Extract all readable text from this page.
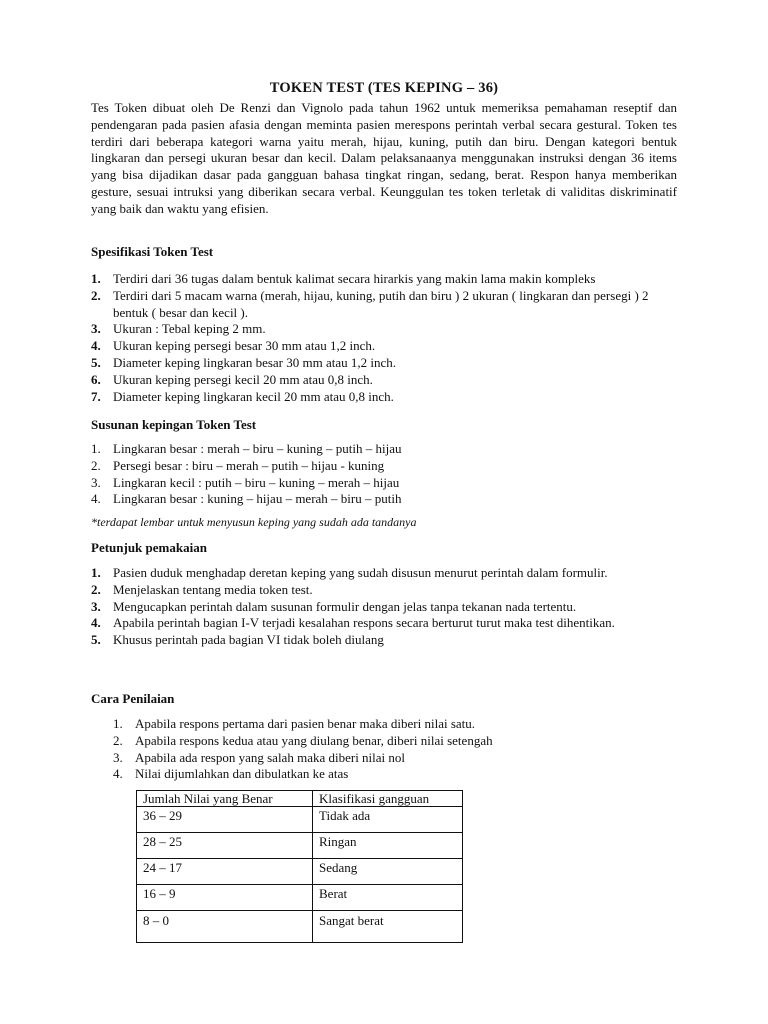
TOKEN TEST (TES KEPING – 36)

Tes Token dibuat oleh De Renzi dan Vignolo pada tahun 1962 untuk memeriksa pemahaman reseptif dan pendengaran pada pasien afasia dengan meminta pasien merespons perintah verbal secara gestural. Token tes terdiri dari beberapa kategori warna yaitu merah, hijau, kuning, putih dan biru. Dengan kategori bentuk lingkaran dan persegi ukuran besar dan kecil. Dalam pelaksanaanya menggunakan instruksi dengan 36 items yang bisa dijadikan dasar pada gangguan bahasa tingkat ringan, sedang, berat. Respon hanya memberikan gesture, sesuai intruksi yang diberikan secara verbal. Keunggulan tes token terletak di validitas diskriminatif yang baik dan waktu yang efisien.

Spesifikasi Token Test

1. Terdiri dari 36 tugas dalam bentuk kalimat secara hirarkis yang makin lama makin kompleks
2. Terdiri dari 5 macam warna (merah, hijau, kuning, putih dan biru ) 2 ukuran ( lingkaran dan persegi ) 2 bentuk ( besar dan kecil ).
3. Ukuran : Tebal keping 2 mm.
4. Ukuran keping persegi besar 30 mm atau 1,2 inch.
5. Diameter keping lingkaran besar 30 mm atau 1,2 inch.
6. Ukuran keping persegi kecil 20 mm atau 0,8 inch.
7. Diameter keping lingkaran kecil 20 mm atau 0,8 inch.

Susunan kepingan Token Test

1. Lingkaran besar : merah – biru – kuning – putih – hijau
2. Persegi besar : biru – merah – putih – hijau - kuning
3. Lingkaran kecil : putih – biru – kuning – merah – hijau
4. Lingkaran besar : kuning – hijau – merah – biru – putih

*terdapat lembar untuk menyusun keping yang sudah ada tandanya

Petunjuk pemakaian

1. Pasien duduk menghadap deretan keping yang sudah disusun menurut perintah dalam formulir.
2. Menjelaskan tentang media token test.
3. Mengucapkan perintah dalam susunan formulir dengan jelas tanpa tekanan nada tertentu.
4. Apabila perintah bagian I-V terjadi kesalahan respons secara berturut turut maka test dihentikan.
5. Khusus perintah pada bagian VI tidak boleh diulang

Cara Penilaian

1. Apabila respons pertama dari pasien benar maka diberi nilai satu.
2. Apabila respons kedua atau yang diulang benar, diberi nilai setengah
3. Apabila ada respon yang salah maka diberi nilai nol
4. Nilai dijumlahkan dan dibulatkan ke atas
Jumlah Nilai yang Benar	Klasifikasi gangguan
36 – 29	Tidak ada
28 – 25	Ringan
24 – 17	Sedang
16 – 9	Berat
8 – 0	Sangat berat
